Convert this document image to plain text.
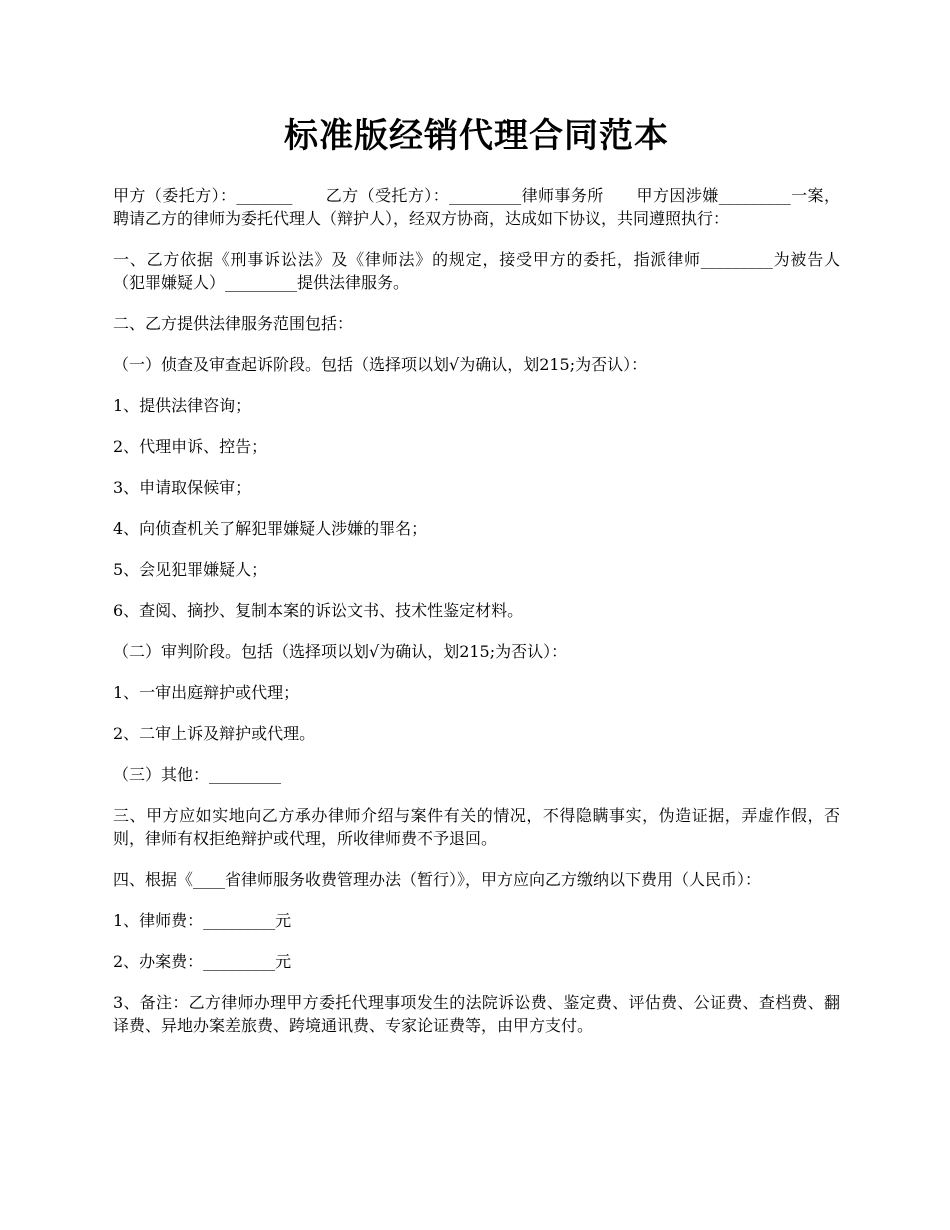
标准版经销代理合同范本

甲方（委托方）：_______　　乙方（受托方）：_________律师事务所　　甲方因涉嫌_________一案，聘请乙方的律师为委托代理人（辩护人），经双方协商，达成如下协议，共同遵照执行：

一、乙方依据《刑事诉讼法》及《律师法》的规定，接受甲方的委托，指派律师_________为被告人（犯罪嫌疑人）_________提供法律服务。

二、乙方提供法律服务范围包括：

（一）侦查及审查起诉阶段。包括（选择项以划√为确认，划215;为否认）：

1、提供法律咨询；

2、代理申诉、控告；

3、申请取保候审；

4、向侦查机关了解犯罪嫌疑人涉嫌的罪名；

5、会见犯罪嫌疑人；

6、查阅、摘抄、复制本案的诉讼文书、技术性鉴定材料。

（二）审判阶段。包括（选择项以划√为确认，划215;为否认）：

1、一审出庭辩护或代理；

2、二审上诉及辩护或代理。

（三）其他：_________

三、甲方应如实地向乙方承办律师介绍与案件有关的情况，不得隐瞒事实，伪造证据，弄虚作假，否则，律师有权拒绝辩护或代理，所收律师费不予退回。

四、根据《____省律师服务收费管理办法（暂行）》，甲方应向乙方缴纳以下费用（人民币）：

1、律师费：_________元

2、办案费：_________元

3、备注：乙方律师办理甲方委托代理事项发生的法院诉讼费、鉴定费、评估费、公证费、查档费、翻译费、异地办案差旅费、跨境通讯费、专家论证费等，由甲方支付。
